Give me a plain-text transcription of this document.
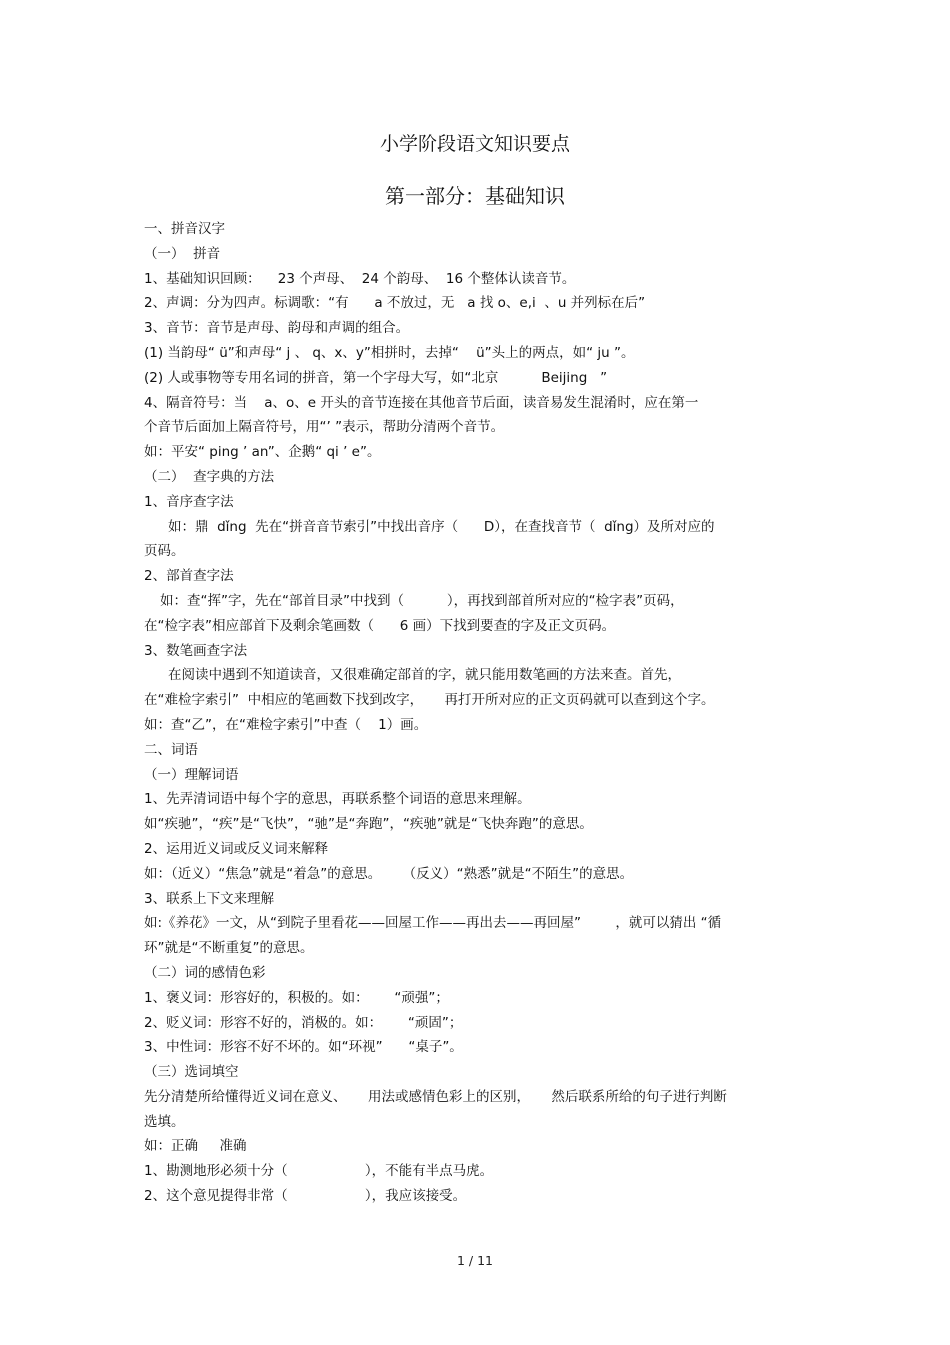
小学阶段语文知识要点
第一部分：基础知识
一、拼音汉字
（一）  拼音
1、基础知识回顾：    23 个声母、  24 个韵母、  16 个整体认读音节。
2、声调：分为四声。标调歌：“有      a 不放过，无   a 找 o、e,i  、u 并列标在后”
3、音节：音节是声母、韵母和声调的组合。
(1) 当韵母“ ü”和声母“ j 、 q、x、y”相拼时，去掉“    ü”头上的两点，如“ ju ”。
(2) 人或事物等专用名词的拼音，第一个字母大写，如“北京          Beijing   ”
4、隔音符号：当    a、o、e 开头的音节连接在其他音节后面，读音易发生混淆时，应在第一
个音节后面加上隔音符号，用“’ ”表示，帮助分清两个音节。
如：平安“ ping ’ an”、企鹅“ qi ’ e”。
（二）  查字典的方法
1、音序查字法
如：鼎  dǐng  先在“拼音音节索引”中找出音序（      D），在查找音节（  dǐng）及所对应的
页码。
2、部首查字法
如：查“挥”字，先在“部首目录”中找到（          ），再找到部首所对应的“检字表”页码，
在“检字表”相应部首下及剩余笔画数（      6 画）下找到要查的字及正文页码。
3、数笔画查字法
在阅读中遇到不知道读音，又很难确定部首的字，就只能用数笔画的方法来查。首先，
在“难检字索引”  中相应的笔画数下找到改字，     再打开所对应的正文页码就可以查到这个字。
如：查“乙”，在“难检字索引”中查（    1）画。
二、词语
（一）理解词语
1、先弄清词语中每个字的意思，再联系整个词语的意思来理解。
如“疾驰”，“疾”是“飞快”，“驰”是“奔跑”，“疾驰”就是“飞快奔跑”的意思。
2、运用近义词或反义词来解释
如：（近义）“焦急”就是“着急”的意思。     （反义）“熟悉”就是“不陌生”的意思。
3、联系上下文来理解
如:《养花》一文，从“到院子里看花——回屋工作——再出去——再回屋”        ，就可以猜出 “循
环”就是“不断重复”的意思。
（二）词的感情色彩
1、褒义词：形容好的，积极的。如：      “顽强”；
2、贬义词：形容不好的，消极的。如：      “顽固”；
3、中性词：形容不好不坏的。如“环视”      “桌子”。
（三）选词填空
先分清楚所给懂得近义词在意义、     用法或感情色彩上的区别，     然后联系所给的句子进行判断
选填。
如：正确     准确
1、勘测地形必须十分（                  ），不能有半点马虎。
2、这个意见提得非常（                  ），我应该接受。
1 / 11
